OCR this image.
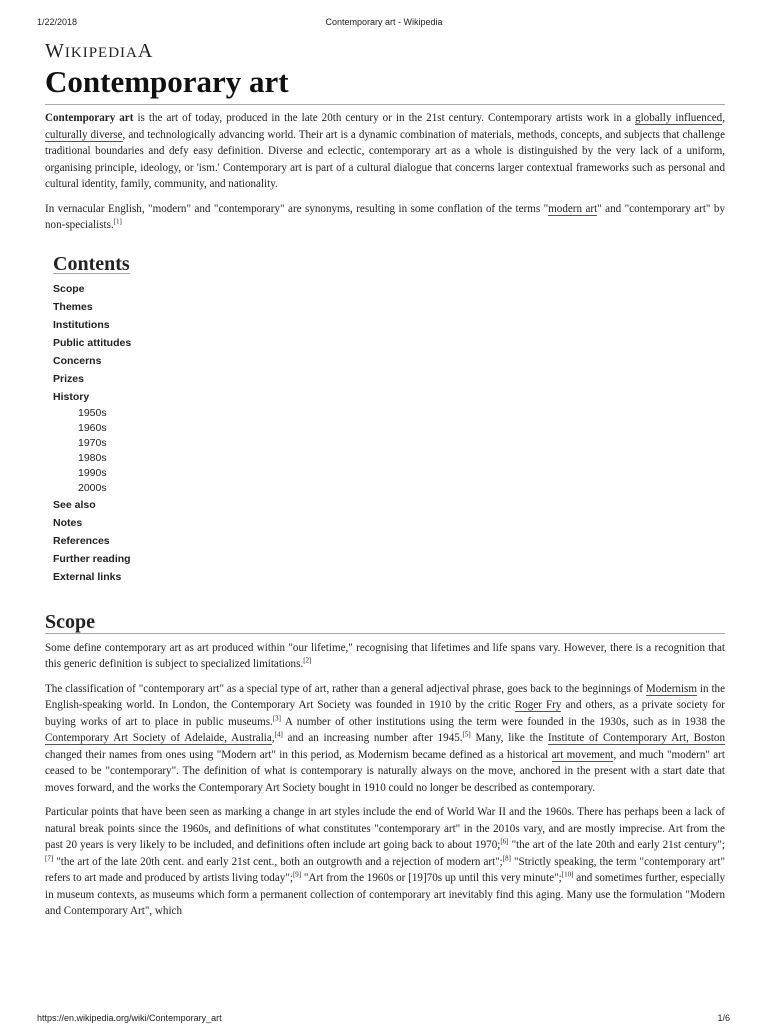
1/22/2018	Contemporary art - Wikipedia
WIKIPEDIAA
Contemporary art

Contemporary art is the art of today, produced in the late 20th century or in the 21st century. Contemporary artists work in a globally influenced, culturally diverse, and technologically advancing world. Their art is a dynamic combination of materials, methods, concepts, and subjects that challenge traditional boundaries and defy easy definition. Diverse and eclectic, contemporary art as a whole is distinguished by the very lack of a uniform, organising principle, ideology, or 'ism.' Contemporary art is part of a cultural dialogue that concerns larger contextual frameworks such as personal and cultural identity, family, community, and nationality.

In vernacular English, "modern" and "contemporary" are synonyms, resulting in some conflation of the terms "modern art" and "contemporary art" by non-specialists.[1]

Contents
Scope
Themes
Institutions
Public attitudes
Concerns
Prizes
History
1950s
1960s
1970s
1980s
1990s
2000s
See also
Notes
References
Further reading
External links
Scope

Some define contemporary art as art produced within "our lifetime," recognising that lifetimes and life spans vary. However, there is a recognition that this generic definition is subject to specialized limitations.[2]

The classification of "contemporary art" as a special type of art, rather than a general adjectival phrase, goes back to the beginnings of Modernism in the English-speaking world. In London, the Contemporary Art Society was founded in 1910 by the critic Roger Fry and others, as a private society for buying works of art to place in public museums.[3] A number of other institutions using the term were founded in the 1930s, such as in 1938 the Contemporary Art Society of Adelaide, Australia,[4] and an increasing number after 1945.[5] Many, like the Institute of Contemporary Art, Boston changed their names from ones using "Modern art" in this period, as Modernism became defined as a historical art movement, and much "modern" art ceased to be "contemporary". The definition of what is contemporary is naturally always on the move, anchored in the present with a start date that moves forward, and the works the Contemporary Art Society bought in 1910 could no longer be described as contemporary.

Particular points that have been seen as marking a change in art styles include the end of World War II and the 1960s. There has perhaps been a lack of natural break points since the 1960s, and definitions of what constitutes "contemporary art" in the 2010s vary, and are mostly imprecise. Art from the past 20 years is very likely to be included, and definitions often include art going back to about 1970;[6] "the art of the late 20th and early 21st century";[7] "the art of the late 20th cent. and early 21st cent., both an outgrowth and a rejection of modern art";[8] "Strictly speaking, the term "contemporary art" refers to art made and produced by artists living today";[9] "Art from the 1960s or [19]70s up until this very minute";[10] and sometimes further, especially in museum contexts, as museums which form a permanent collection of contemporary art inevitably find this aging. Many use the formulation "Modern and Contemporary Art", which

https://en.wikipedia.org/wiki/Contemporary_art	1/6
